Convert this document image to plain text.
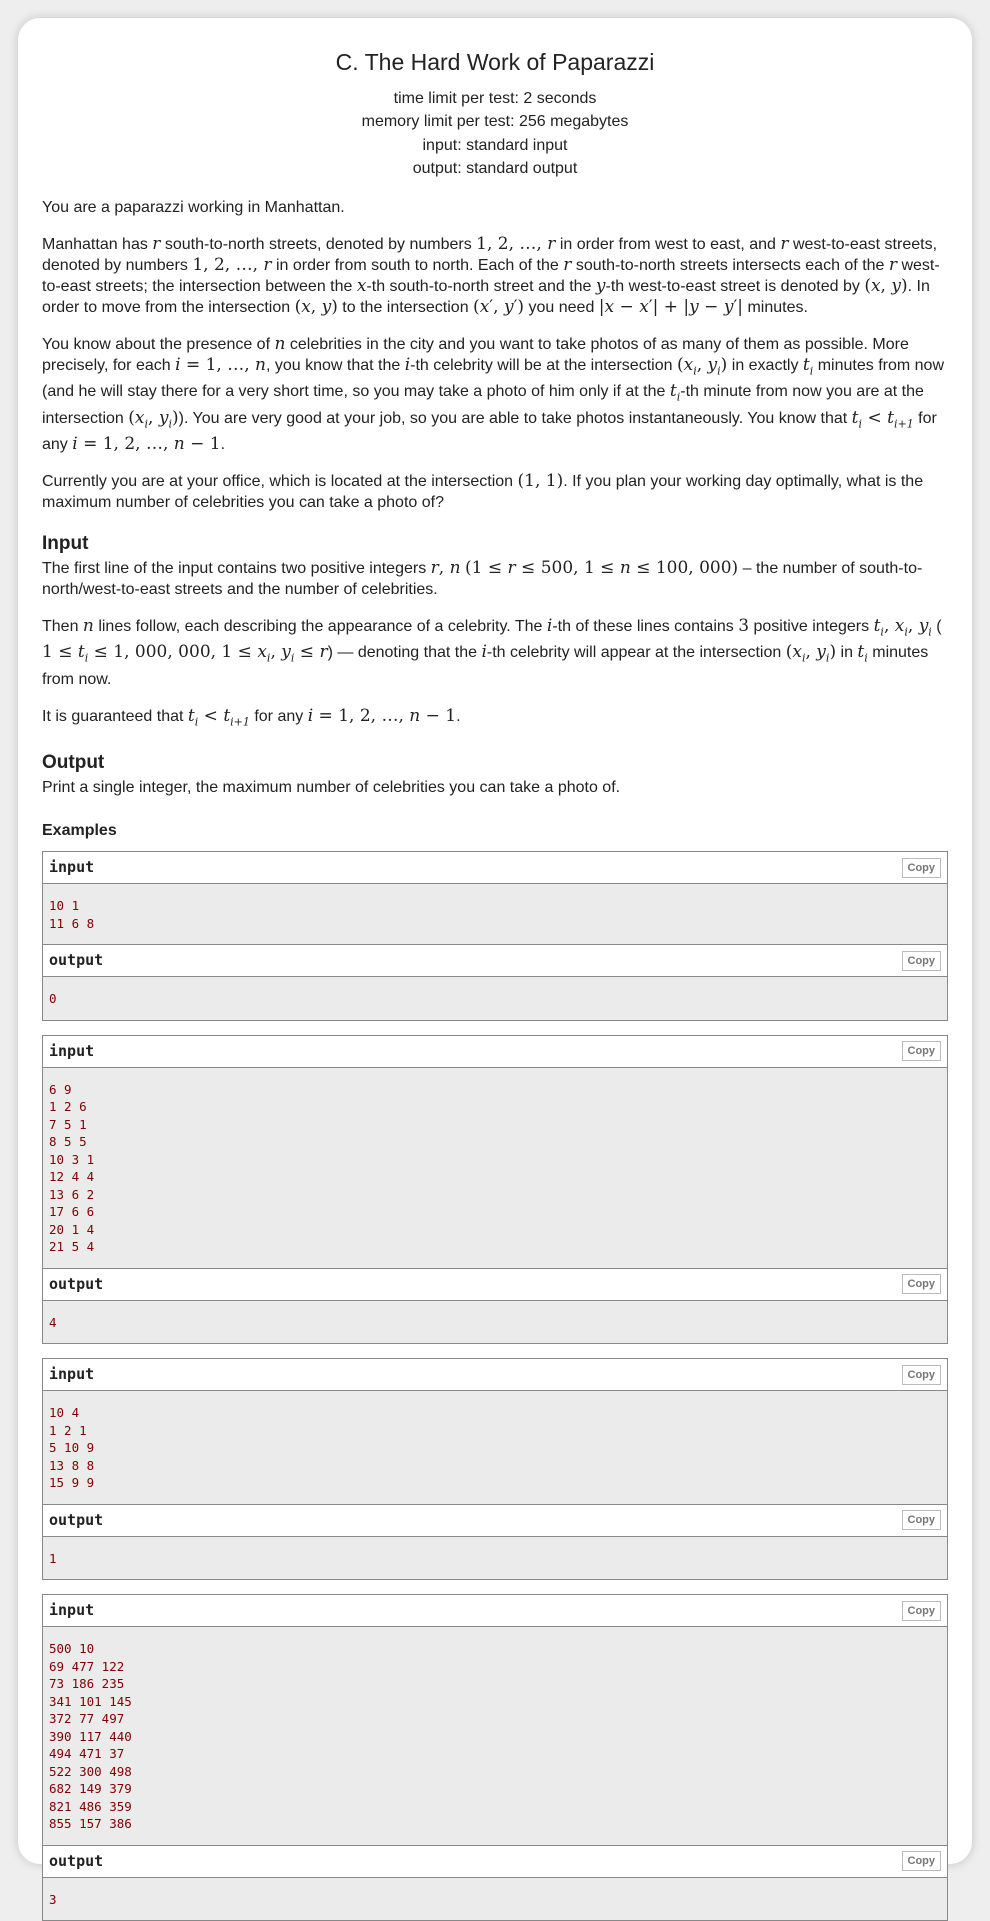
C. The Hard Work of Paparazzi
time limit per test: 2 seconds
memory limit per test: 256 megabytes
input: standard input
output: standard output

You are a paparazzi working in Manhattan.

Manhattan has r south-to-north streets, denoted by numbers 1, 2, …, r in order from west to east, and r west-to-east streets, denoted by numbers 1, 2, …, r in order from south to north. Each of the r south-to-north streets intersects each of the r west-to-east streets; the intersection between the x-th south-to-north street and the y-th west-to-east street is denoted by (x, y). In order to move from the intersection (x, y) to the intersection (x′, y′) you need |x − x′| + |y − y′| minutes.

You know about the presence of n celebrities in the city and you want to take photos of as many of them as possible. More precisely, for each i = 1, …, n, you know that the i-th celebrity will be at the intersection ($x_i$, $y_i$) in exactly $t_i$ minutes from now (and he will stay there for a very short time, so you may take a photo of him only if at the $t_i-th$ minute from now you are at the intersection ($x_i$, $y_i$)). You are very good at your job, so you are able to take photos instantaneously. You know that $t_i < t_{i+1}$ for any i = 1, 2, …, n − 1.

Currently you are at your office, which is located at the intersection (1, 1). If you plan your working day optimally, what is the maximum number of celebrities you can take a photo of?

Input

The first line of the input contains two positive integers r, n (1 ≤ r ≤ 500, 1 ≤ n ≤ 100, 000) – the number of south-to-north/west-to-east streets and the number of celebrities.

Then n lines follow, each describing the appearance of a celebrity. The i-th of these lines contains 3 positive integers $t_i$, $x_i$, $y_i$ ( $1 \le t_i \le 1$, 000, 000, $1 \le x_i$, $y_i \le r$) — denoting that the i-th celebrity will appear at the intersection ($x_i$, $y_i$) in $t_i$ minutes from now.

It is guaranteed that $t_i < t_{i+1}$ for any i = 1, 2, …, n − 1.

Output

Print a single integer, the maximum number of celebrities you can take a photo of.

Examples
input	Copy
10 1
11 6 8
output	Copy
0
input	Copy
6 9
1 2 6
7 5 1
8 5 5
10 3 1
12 4 4
13 6 2
17 6 6
20 1 4
21 5 4
output	Copy
4
input	Copy
10 4
1 2 1
5 10 9
13 8 8
15 9 9
output	Copy
1
input	Copy
500 10
69 477 122
73 186 235
341 101 145
372 77 497
390 117 440
494 471 37
522 300 498
682 149 379
821 486 359
855 157 386
output	Copy
3
